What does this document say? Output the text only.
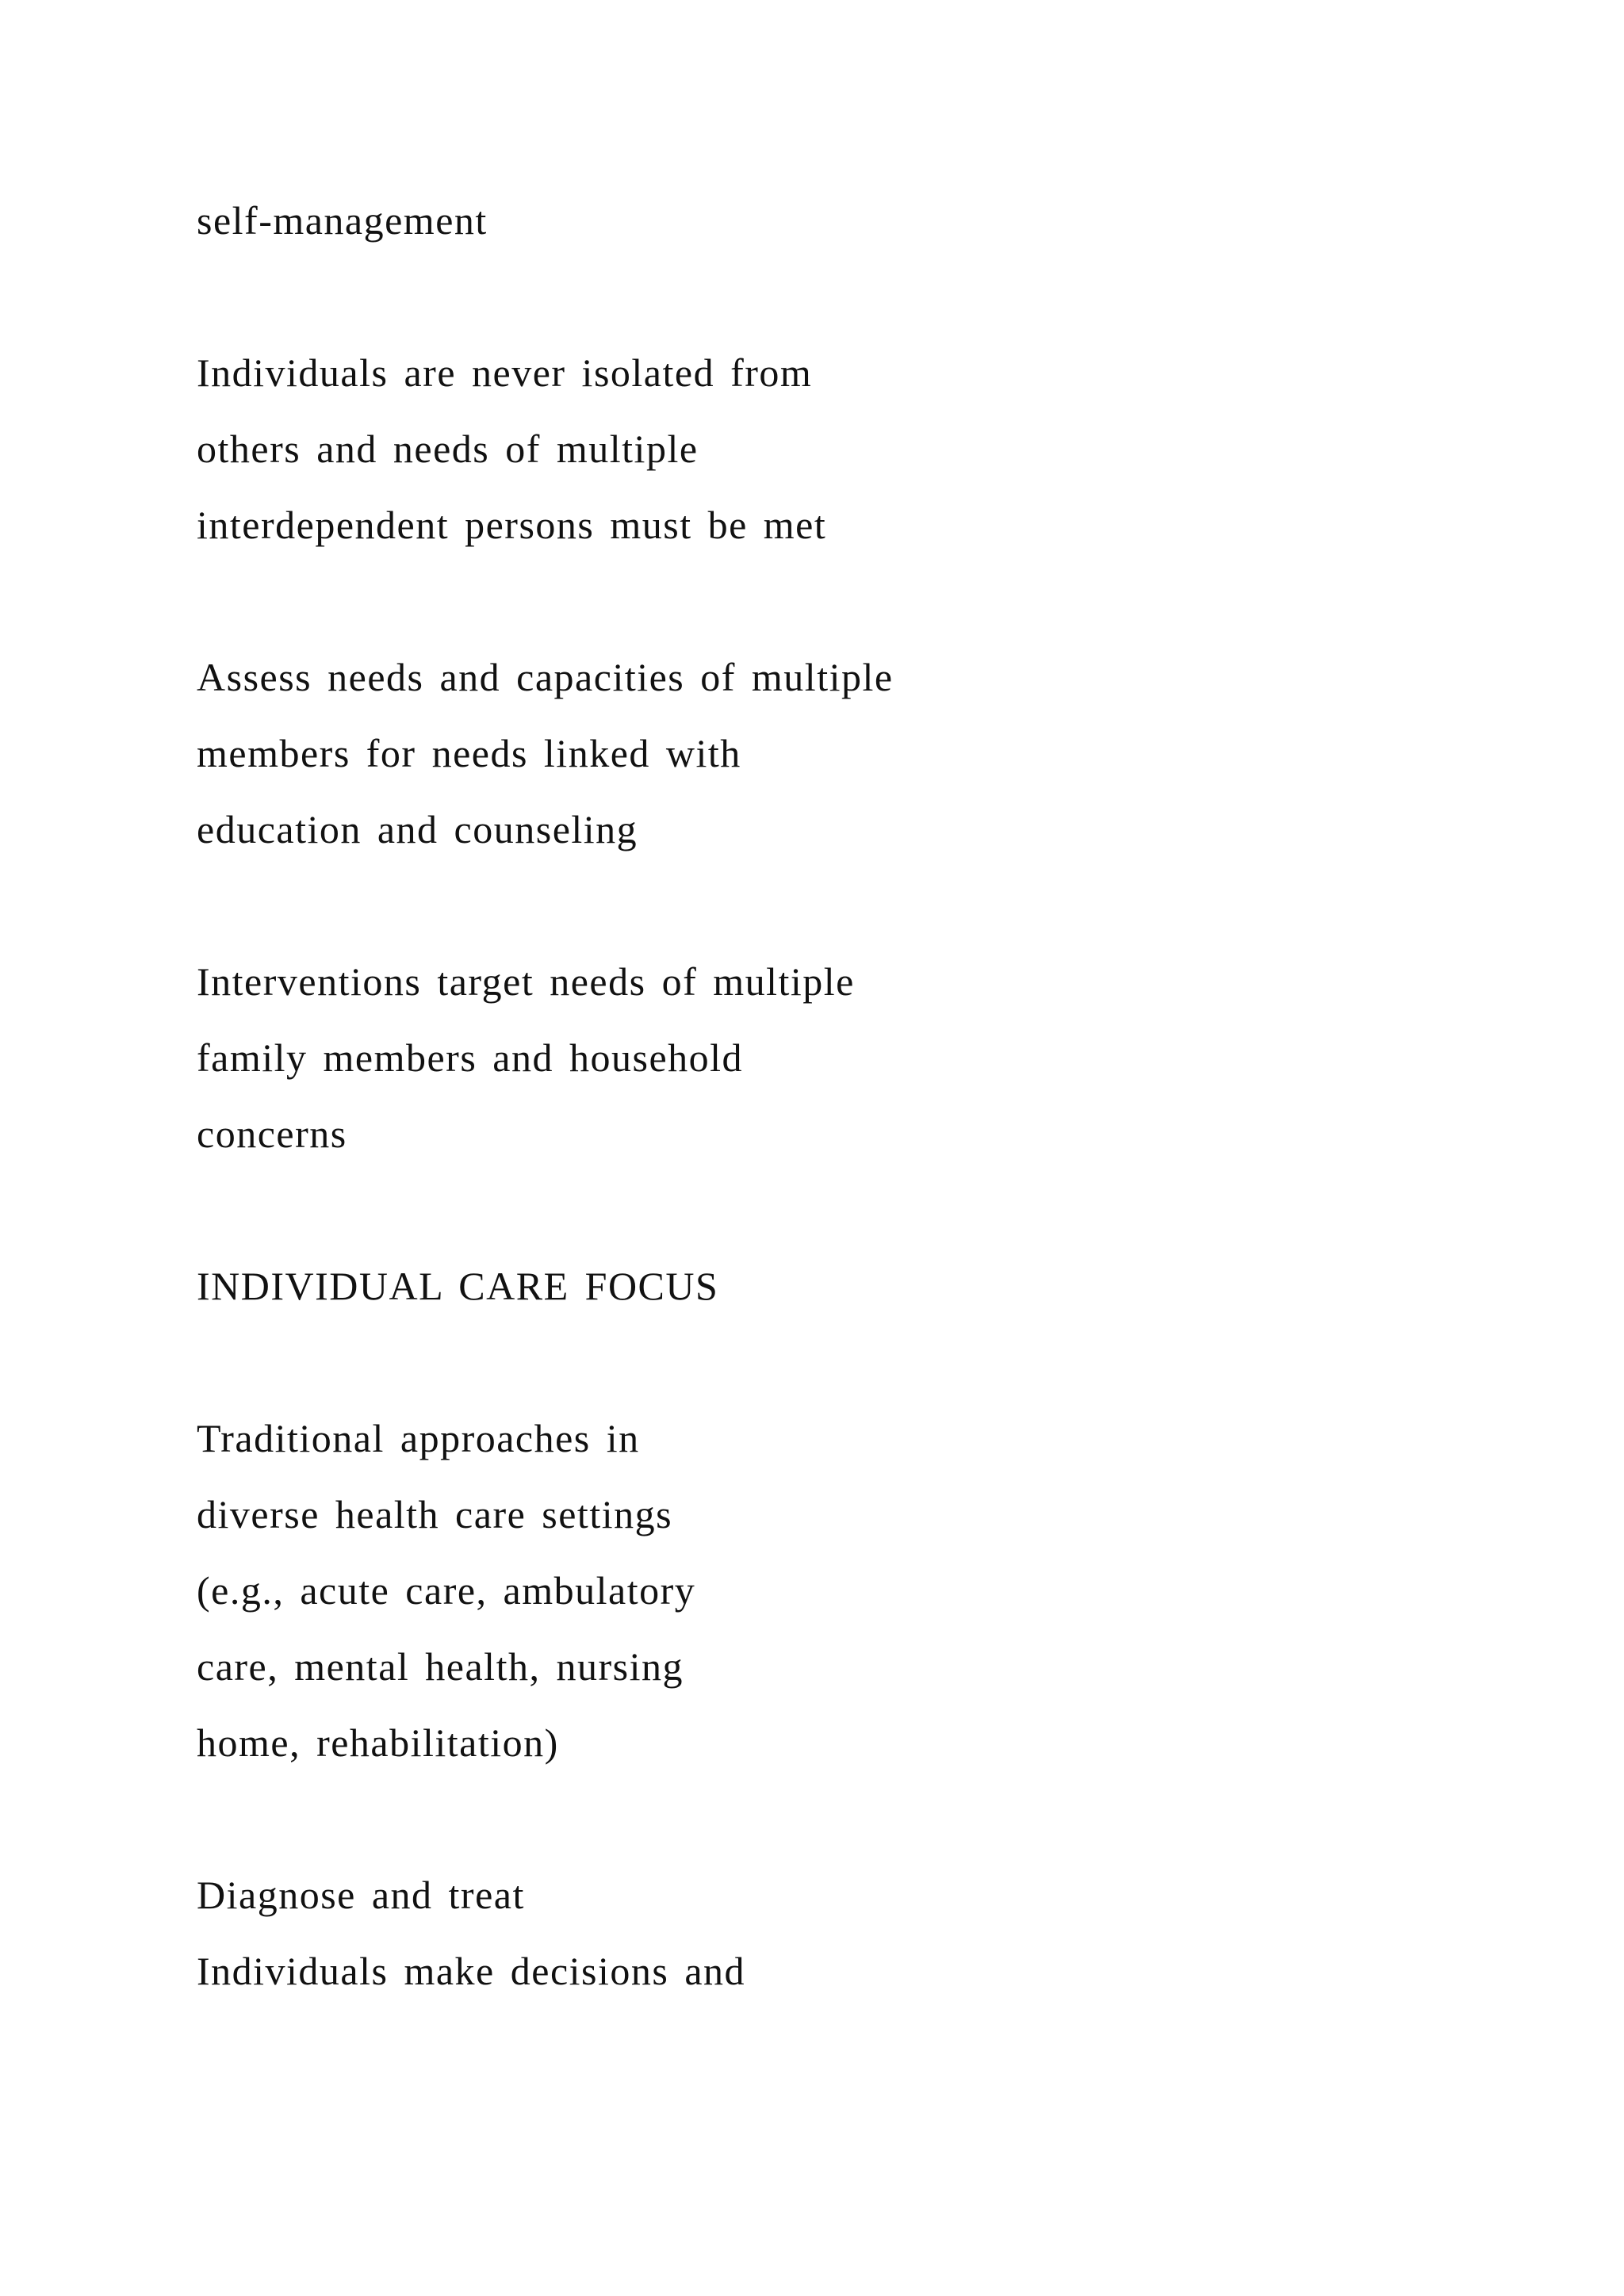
self-management

Individuals are never isolated from

others and needs of multiple

interdependent persons must be met

Assess needs and capacities of multiple

members for needs linked with

education and counseling

Interventions target needs of multiple

family members and household

concerns

INDIVIDUAL CARE FOCUS

Traditional approaches in

diverse health care settings

(e.g., acute care, ambulatory

care, mental health, nursing

home, rehabilitation)

Diagnose and treat

Individuals make decisions and
